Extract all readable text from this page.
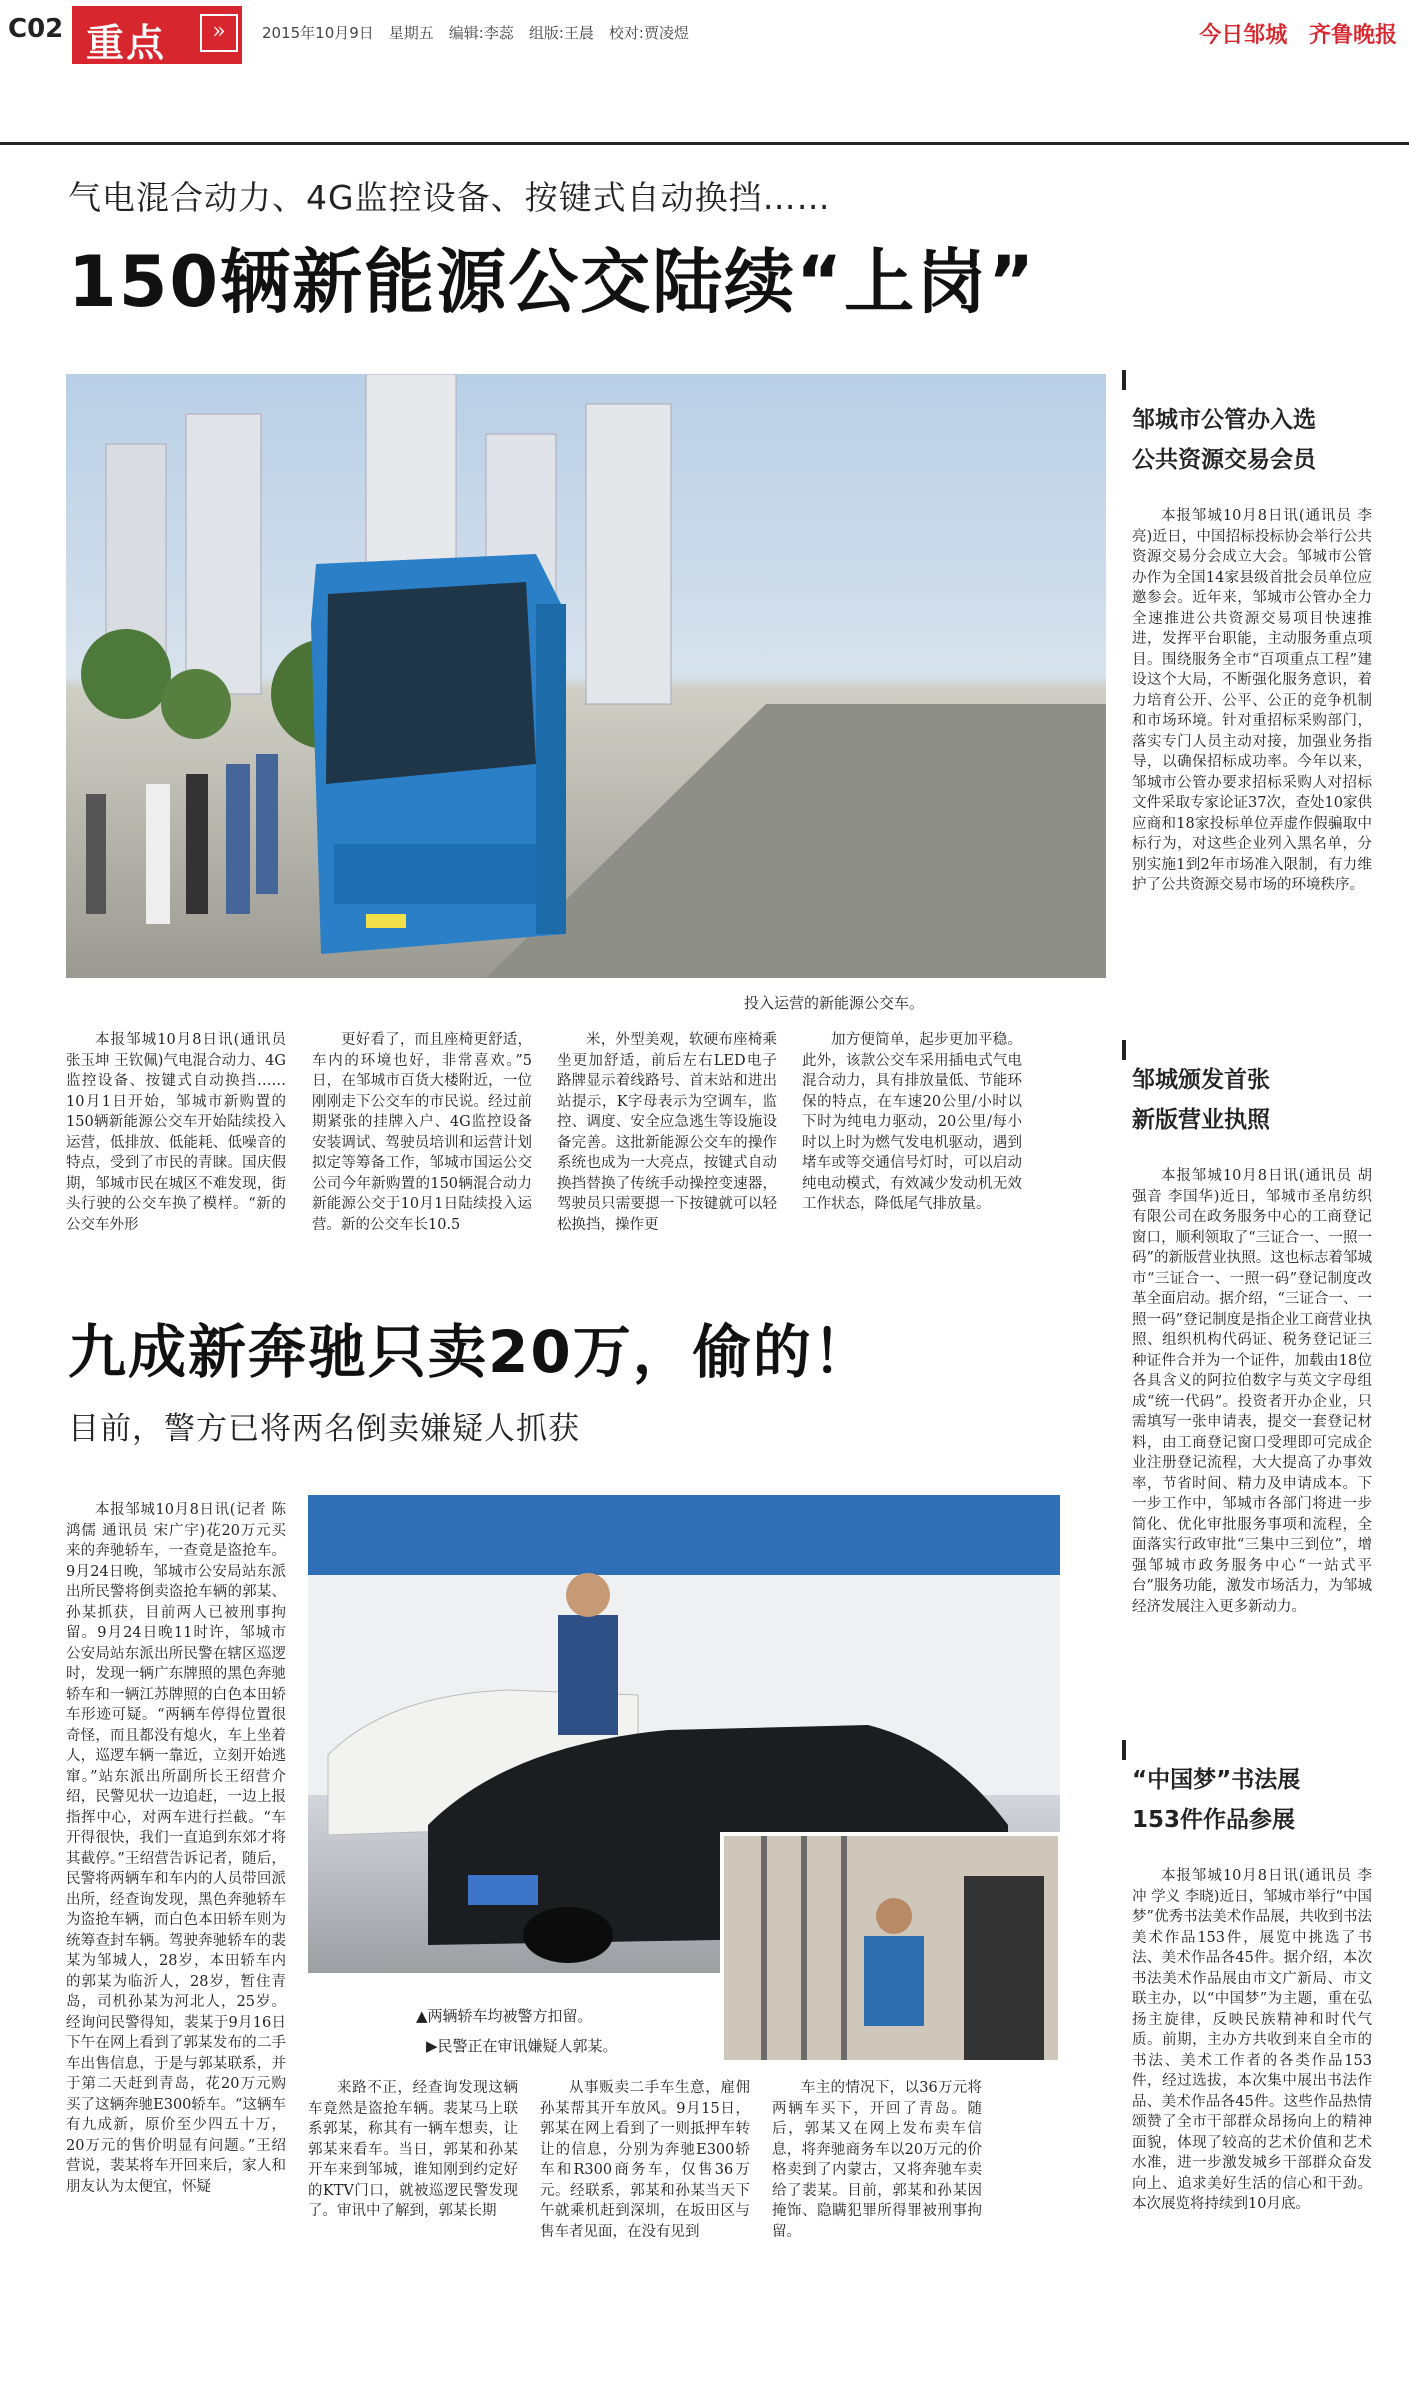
C02 重点	»	2015年10月9日　星期五　编辑:李蕊　组版:王晨　校对:贾凌煜	今日邹城 齐鲁晚报
气电混合动力、4G监控设备、按键式自动换挡……
150辆新能源公交陆续“上岗”
投入运营的新能源公交车。

本报邹城10月8日讯(通讯员 张玉坤 王钦佩)气电混合动力、4G监控设备、按键式自动换挡……10月1日开始，邹城市新购置的150辆新能源公交车开始陆续投入运营，低排放、低能耗、低噪音的特点，受到了市民的青睐。国庆假期，邹城市民在城区不难发现，街头行驶的公交车换了模样。“新的公交车外形

更好看了，而且座椅更舒适，车内的环境也好，非常喜欢。”5日，在邹城市百货大楼附近，一位刚刚走下公交车的市民说。经过前期紧张的挂牌入户、4G监控设备安装调试、驾驶员培训和运营计划拟定等筹备工作，邹城市国运公交公司今年新购置的150辆混合动力新能源公交于10月1日陆续投入运营。新的公交车长10.5

米，外型美观，软硬布座椅乘坐更加舒适，前后左右LED电子路牌显示着线路号、首末站和进出站提示，K字母表示为空调车，监控、调度、安全应急逃生等设施设备完善。这批新能源公交车的操作系统也成为一大亮点，按键式自动换挡替换了传统手动操控变速器，驾驶员只需要摁一下按键就可以轻松换挡，操作更

加方便简单，起步更加平稳。此外，该款公交车采用插电式气电混合动力，具有排放量低、节能环保的特点，在车速20公里/小时以下时为纯电力驱动，20公里/每小时以上时为燃气发电机驱动，遇到堵车或等交通信号灯时，可以启动纯电动模式，有效减少发动机无效工作状态，降低尾气排放量。

九成新奔驰只卖20万，偷的！
目前，警方已将两名倒卖嫌疑人抓获

本报邹城10月8日讯(记者 陈鸿儒 通讯员 宋广宇)花20万元买来的奔驰轿车，一查竟是盗抢车。9月24日晚，邹城市公安局站东派出所民警将倒卖盗抢车辆的郭某、孙某抓获，目前两人已被刑事拘留。9月24日晚11时许，邹城市公安局站东派出所民警在辖区巡逻时，发现一辆广东牌照的黑色奔驰轿车和一辆江苏牌照的白色本田轿车形迹可疑。“两辆车停得位置很奇怪，而且都没有熄火，车上坐着人，巡逻车辆一靠近，立刻开始逃窜。”站东派出所副所长王绍营介绍，民警见状一边追赶，一边上报指挥中心，对两车进行拦截。“车开得很快，我们一直追到东郊才将其截停。”王绍营告诉记者，随后，民警将两辆车和车内的人员带回派出所，经查询发现，黑色奔驰轿车为盗抢车辆，而白色本田轿车则为统筹查封车辆。驾驶奔驰轿车的裴某为邹城人，28岁，本田轿车内的郭某为临沂人，28岁，暂住青岛，司机孙某为河北人，25岁。经询问民警得知，裴某于9月16日下午在网上看到了郭某发布的二手车出售信息，于是与郭某联系，并于第二天赶到青岛，花20万元购买了这辆奔驰E300轿车。“这辆车有九成新，原价至少四五十万，20万元的售价明显有问题。”王绍营说，裴某将车开回来后，家人和朋友认为太便宜，怀疑

▲两辆轿车均被警方扣留。
▶民警正在审讯嫌疑人郭某。

来路不正，经查询发现这辆车竟然是盗抢车辆。裴某马上联系郭某，称其有一辆车想卖，让郭某来看车。当日，郭某和孙某开车来到邹城，谁知刚到约定好的KTV门口，就被巡逻民警发现了。审讯中了解到，郭某长期

从事贩卖二手车生意，雇佣孙某帮其开车放风。9月15日，郭某在网上看到了一则抵押车转让的信息，分别为奔驰E300轿车和R300商务车，仅售36万元。经联系，郭某和孙某当天下午就乘机赶到深圳，在坂田区与售车者见面，在没有见到

车主的情况下，以36万元将两辆车买下，开回了青岛。随后，郭某又在网上发布卖车信息，将奔驰商务车以20万元的价格卖到了内蒙古，又将奔驰车卖给了裴某。目前，郭某和孙某因掩饰、隐瞒犯罪所得罪被刑事拘留。

邹城市公管办入选
公共资源交易会员

本报邹城10月8日讯(通讯员 李亮)近日，中国招标投标协会举行公共资源交易分会成立大会。邹城市公管办作为全国14家县级首批会员单位应邀参会。近年来，邹城市公管办全力全速推进公共资源交易项目快速推进，发挥平台职能，主动服务重点项目。围绕服务全市“百项重点工程”建设这个大局，不断强化服务意识，着力培育公开、公平、公正的竞争机制和市场环境。针对重招标采购部门，落实专门人员主动对接，加强业务指导，以确保招标成功率。今年以来，邹城市公管办要求招标采购人对招标文件采取专家论证37次，查处10家供应商和18家投标单位弄虚作假骗取中标行为，对这些企业列入黑名单，分别实施1到2年市场准入限制，有力维护了公共资源交易市场的环境秩序。

邹城颁发首张
新版营业执照

本报邹城10月8日讯(通讯员 胡强音 李国华)近日，邹城市圣帛纺织有限公司在政务服务中心的工商登记窗口，顺利领取了“三证合一、一照一码”的新版营业执照。这也标志着邹城市“三证合一、一照一码”登记制度改革全面启动。据介绍，“三证合一、一照一码”登记制度是指企业工商营业执照、组织机构代码证、税务登记证三种证件合并为一个证件，加载由18位各具含义的阿拉伯数字与英文字母组成“统一代码”。投资者开办企业，只需填写一张申请表，提交一套登记材料，由工商登记窗口受理即可完成企业注册登记流程，大大提高了办事效率，节省时间、精力及申请成本。下一步工作中，邹城市各部门将进一步简化、优化审批服务事项和流程，全面落实行政审批“三集中三到位”，增强邹城市政务服务中心“一站式平台”服务功能，激发市场活力，为邹城经济发展注入更多新动力。

“中国梦”书法展
153件作品参展

本报邹城10月8日讯(通讯员 李冲 学义 李晓)近日，邹城市举行“中国梦”优秀书法美术作品展，共收到书法美术作品153件，展览中挑选了书法、美术作品各45件。据介绍，本次书法美术作品展由市文广新局、市文联主办，以“中国梦”为主题，重在弘扬主旋律，反映民族精神和时代气质。前期，主办方共收到来自全市的书法、美术工作者的各类作品153件，经过选拔，本次集中展出书法作品、美术作品各45件。这些作品热情颂赞了全市干部群众昂扬向上的精神面貌，体现了较高的艺术价值和艺术水准，进一步激发城乡干部群众奋发向上、追求美好生活的信心和干劲。本次展览将持续到10月底。
